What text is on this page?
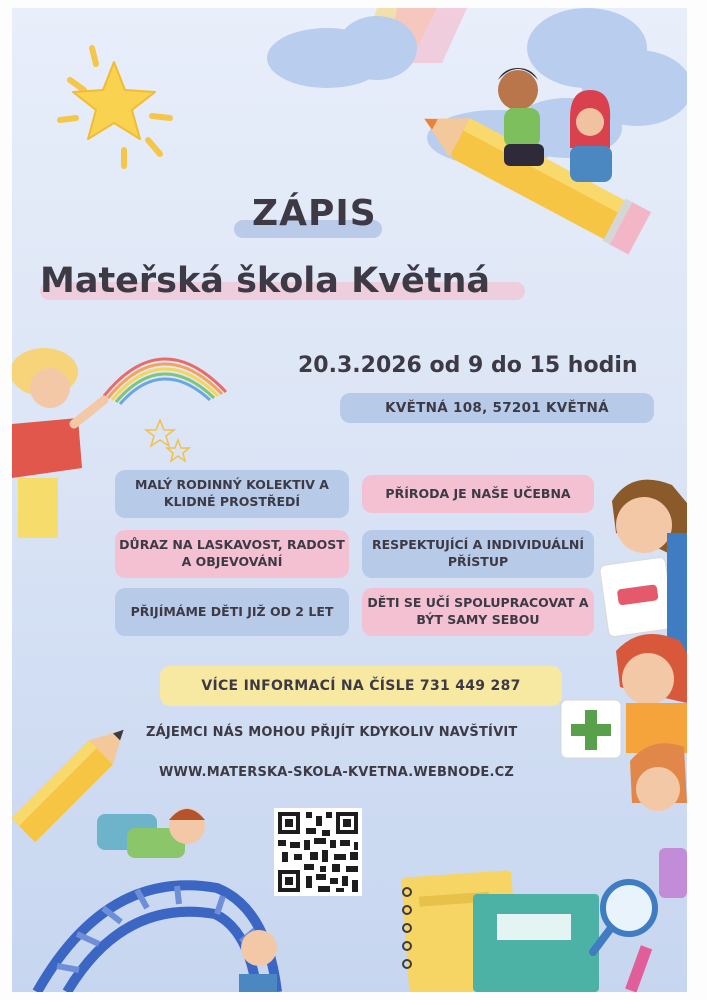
ZÁPIS
Mateřská škola Květná
20.3.2026 od 9 do 15 hodin
KVĚTNÁ 108, 57201 KVĚTNÁ
MALÝ RODINNÝ KOLEKTIV A KLIDNÉ PROSTŘEDÍ
PŘÍRODA JE NAŠE UČEBNA
DŮRAZ NA LASKAVOST, RADOST A OBJEVOVÁNÍ
RESPEKTUJÍCÍ A INDIVIDUÁLNÍ PŘÍSTUP
PŘIJÍMÁME DĚTI JIŽ OD 2 LET
DĚTI SE UČÍ SPOLUPRACOVAT A BÝT SAMY SEBOU
VÍCE INFORMACÍ NA ČÍSLE 731 449 287
ZÁJEMCI NÁS MOHOU PŘIJÍT KDYKOLIV NAVŠTÍVIT
WWW.MATERSKA-SKOLA-KVETNA.WEBNODE.CZ
